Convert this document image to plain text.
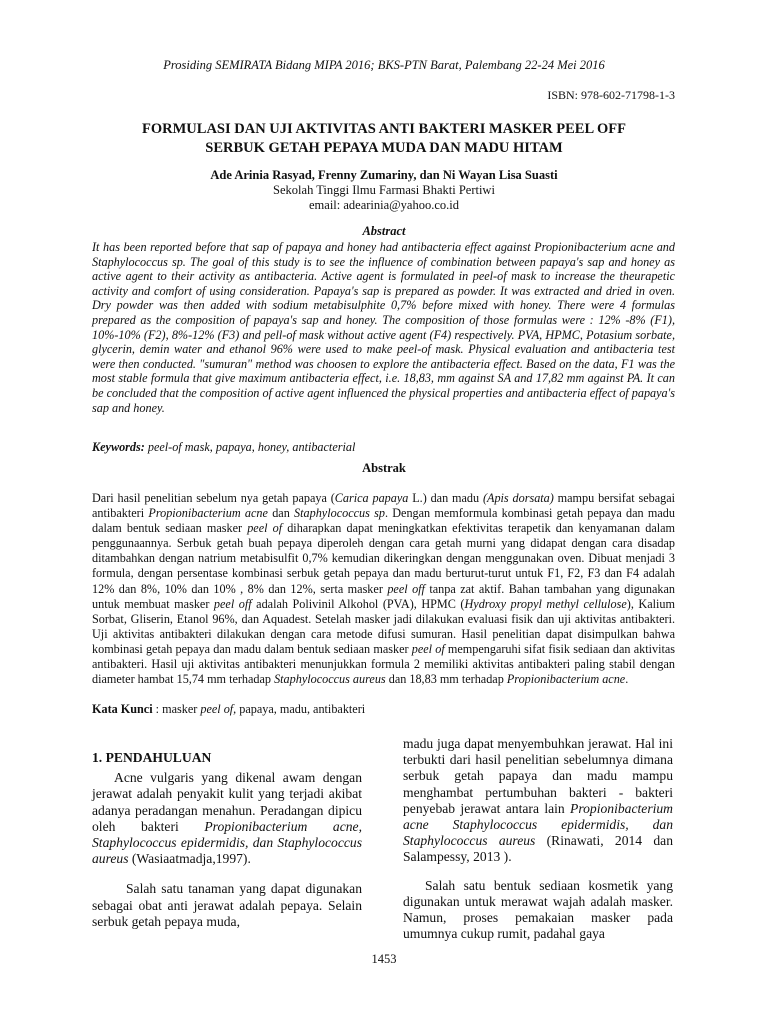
Prosiding SEMIRATA Bidang MIPA 2016; BKS-PTN Barat, Palembang 22-24 Mei 2016
ISBN: 978-602-71798-1-3
FORMULASI DAN UJI AKTIVITAS ANTI BAKTERI MASKER PEEL OFF
SERBUK GETAH PEPAYA MUDA DAN MADU HITAM
Ade Arinia Rasyad, Frenny Zumariny, dan Ni Wayan Lisa Suasti
Sekolah Tinggi Ilmu Farmasi Bhakti Pertiwi
email: adearinia@yahoo.co.id
Abstract
It has been reported before that sap of papaya and honey had antibacteria effect against Propionibacterium acne and Staphylococcus sp. The goal of this study is to see the influence of combination between papaya's sap and honey as active agent to their activity as antibacteria. Active agent is formulated in peel-of mask to increase the theurapetic activity and comfort of using consideration. Papaya's sap is prepared as powder. It was extracted and dried in oven. Dry powder was then added with sodium metabisulphite 0,7% before mixed with honey. There were 4 formulas prepared as the composition of papaya's sap and honey. The composition of those formulas were : 12% -8% (F1), 10%-10% (F2), 8%-12% (F3) and pell-of mask without active agent (F4) respectively. PVA, HPMC, Potasium sorbate, glycerin, demin water and ethanol 96% were used to make peel-of mask. Physical evaluation and antibacteria test were then conducted. "sumuran" method was choosen to explore the antibacteria effect. Based on the data, F1 was the most stable formula that give maximum antibacteria effect, i.e. 18,83, mm against SA and 17,82 mm against PA. It can be concluded that the composition of active agent influenced the physical properties and antibacteria effect of papaya's sap and honey.
Keywords: peel-of mask, papaya, honey, antibacterial
Abstrak
Dari hasil penelitian sebelum nya getah papaya (Carica papaya L.) dan madu (Apis dorsata) mampu bersifat sebagai antibakteri Propionibacterium acne dan Staphylococcus sp. Dengan memformula kombinasi getah pepaya dan madu dalam bentuk sediaan masker peel of diharapkan dapat meningkatkan efektivitas terapetik dan kenyamanan dalam penggunaannya. Serbuk getah buah pepaya diperoleh dengan cara getah murni yang didapat dengan cara disadap ditambahkan dengan natrium metabisulfit 0,7% kemudian dikeringkan dengan menggunakan oven. Dibuat menjadi 3 formula, dengan persentase kombinasi serbuk getah pepaya dan madu berturut-turut untuk F1, F2, F3 dan F4 adalah 12% dan 8%, 10% dan 10% , 8% dan 12%, serta masker peel off tanpa zat aktif. Bahan tambahan yang digunakan untuk membuat masker peel off adalah Polivinil Alkohol (PVA), HPMC (Hydroxy propyl methyl cellulose), Kalium Sorbat, Gliserin, Etanol 96%, dan Aquadest. Setelah masker jadi dilakukan evaluasi fisik dan uji aktivitas antibakteri. Uji aktivitas antibakteri dilakukan dengan cara metode difusi sumuran. Hasil penelitian dapat disimpulkan bahwa kombinasi getah pepaya dan madu dalam bentuk sediaan masker peel of mempengaruhi sifat fisik sediaan dan aktivitas antibakteri. Hasil uji aktivitas antibakteri menunjukkan formula 2 memiliki aktivitas antibakteri paling stabil dengan diameter hambat 15,74 mm terhadap Staphylococcus aureus dan 18,83 mm terhadap Propionibacterium acne.
Kata Kunci : masker peel of, papaya, madu, antibakteri
1. PENDAHULUAN

Acne vulgaris yang dikenal awam dengan jerawat adalah penyakit kulit yang terjadi akibat adanya peradangan menahun. Peradangan dipicu oleh bakteri Propionibacterium acne, Staphylococcus epidermidis, dan Staphylococcus aureus (Wasiaatmadja,1997).

Salah satu tanaman yang dapat digunakan sebagai obat anti jerawat adalah pepaya. Selain serbuk getah pepaya muda,

madu juga dapat menyembuhkan jerawat. Hal ini terbukti dari hasil penelitian sebelumnya dimana serbuk getah papaya dan madu mampu menghambat pertumbuhan bakteri - bakteri penyebab jerawat antara lain Propionibacterium acne Staphylococcus epidermidis, dan Staphylococcus aureus (Rinawati, 2014 dan Salampessy, 2013 ).

Salah satu bentuk sediaan kosmetik yang digunakan untuk merawat wajah adalah masker. Namun, proses pemakaian masker pada umumnya cukup rumit, padahal gaya

1453
